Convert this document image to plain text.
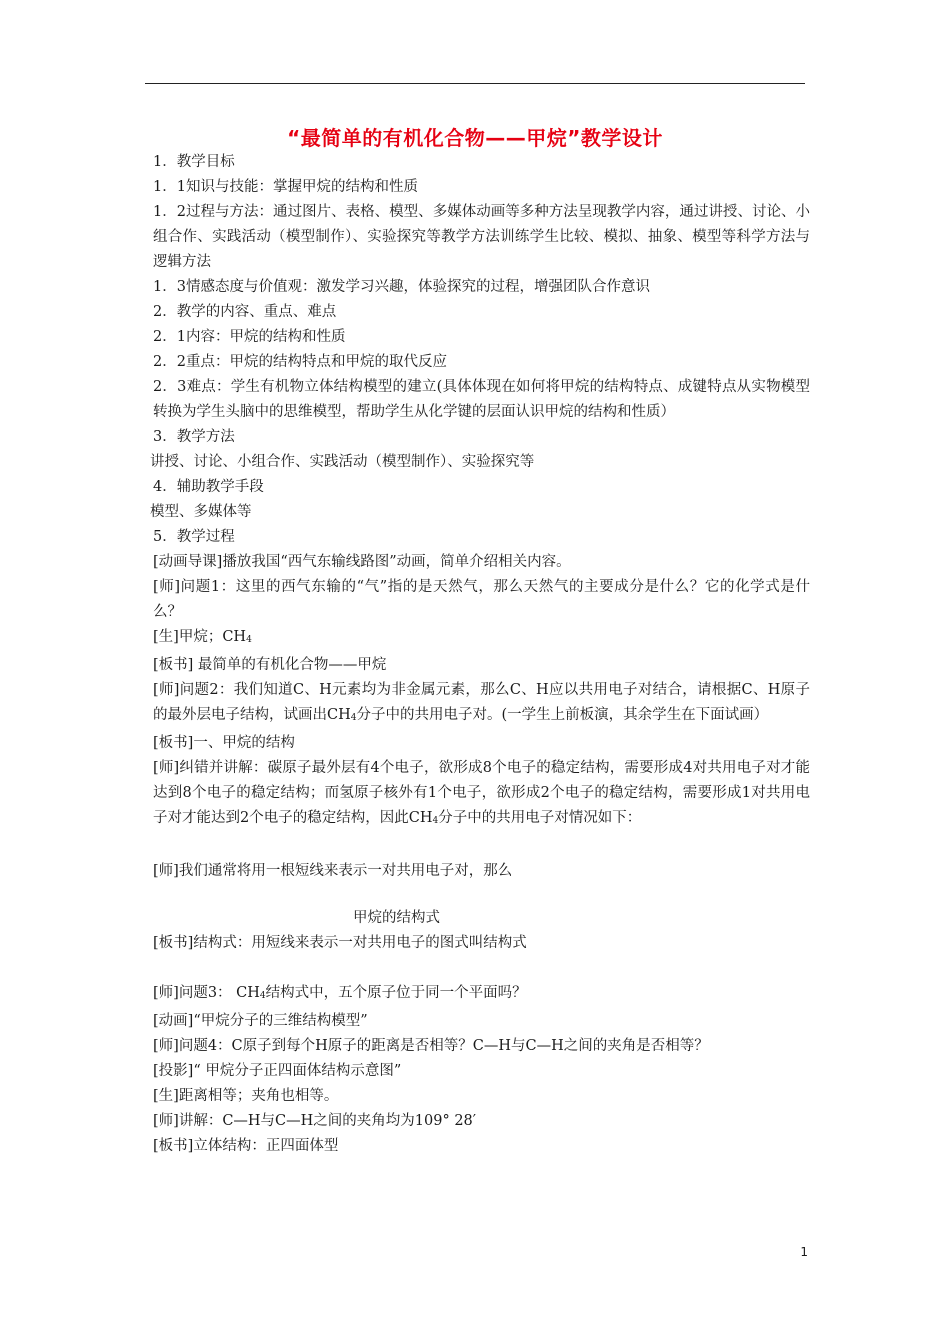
“最简单的有机化合物——甲烷”教学设计

1．教学目标

1．1知识与技能：掌握甲烷的结构和性质

1．2过程与方法：通过图片、表格、模型、多媒体动画等多种方法呈现教学内容，通过讲授、讨论、小组合作、实践活动（模型制作）、实验探究等教学方法训练学生比较、模拟、抽象、模型等科学方法与逻辑方法

1．3情感态度与价值观：激发学习兴趣，体验探究的过程，增强团队合作意识

2．教学的内容、重点、难点

2．1内容：甲烷的结构和性质

2．2重点：甲烷的结构特点和甲烷的取代反应

2．3难点：学生有机物立体结构模型的建立(具体体现在如何将甲烷的结构特点、成键特点从实物模型转换为学生头脑中的思维模型，帮助学生从化学键的层面认识甲烷的结构和性质）

3．教学方法

讲授、讨论、小组合作、实践活动（模型制作）、实验探究等

4．辅助教学手段

模型、多媒体等

5．教学过程

[动画导课]播放我国“西气东输线路图”动画，简单介绍相关内容。

[师]问题1：这里的西气东输的“气”指的是天然气，那么天然气的主要成分是什么？它的化学式是什么？

[生]甲烷；$CH_4$

[板书] 最简单的有机化合物——甲烷

[师]问题2：我们知道C、H元素均为非金属元素，那么C、H应以共用电子对结合，请根据C、H原子的最外层电子结构，试画出$CH_4$分子中的共用电子对。(一学生上前板演，其余学生在下面试画）

[板书]一、甲烷的结构

[师]纠错并讲解：碳原子最外层有4个电子，欲形成8个电子的稳定结构，需要形成4对共用电子对才能达到8个电子的稳定结构；而氢原子核外有1个电子，欲形成2个电子的稳定结构，需要形成1对共用电子对才能达到2个电子的稳定结构，因此$CH_4$分子中的共用电子对情况如下：

[师]我们通常将用一根短线来表示一对共用电子对，那么

甲烷的结构式

[板书]结构式：用短线来表示一对共用电子的图式叫结构式

[师]问题3： $CH_4$结构式中，五个原子位于同一个平面吗？

[动画]“甲烷分子的三维结构模型”

[师]问题4：C原子到每个H原子的距离是否相等？C—H与C—H之间的夹角是否相等？

[投影]“ 甲烷分子正四面体结构示意图”

[生]距离相等；夹角也相等。

[师]讲解：C—H与C—H之间的夹角均为109° 28′

[板书]立体结构：正四面体型

1
